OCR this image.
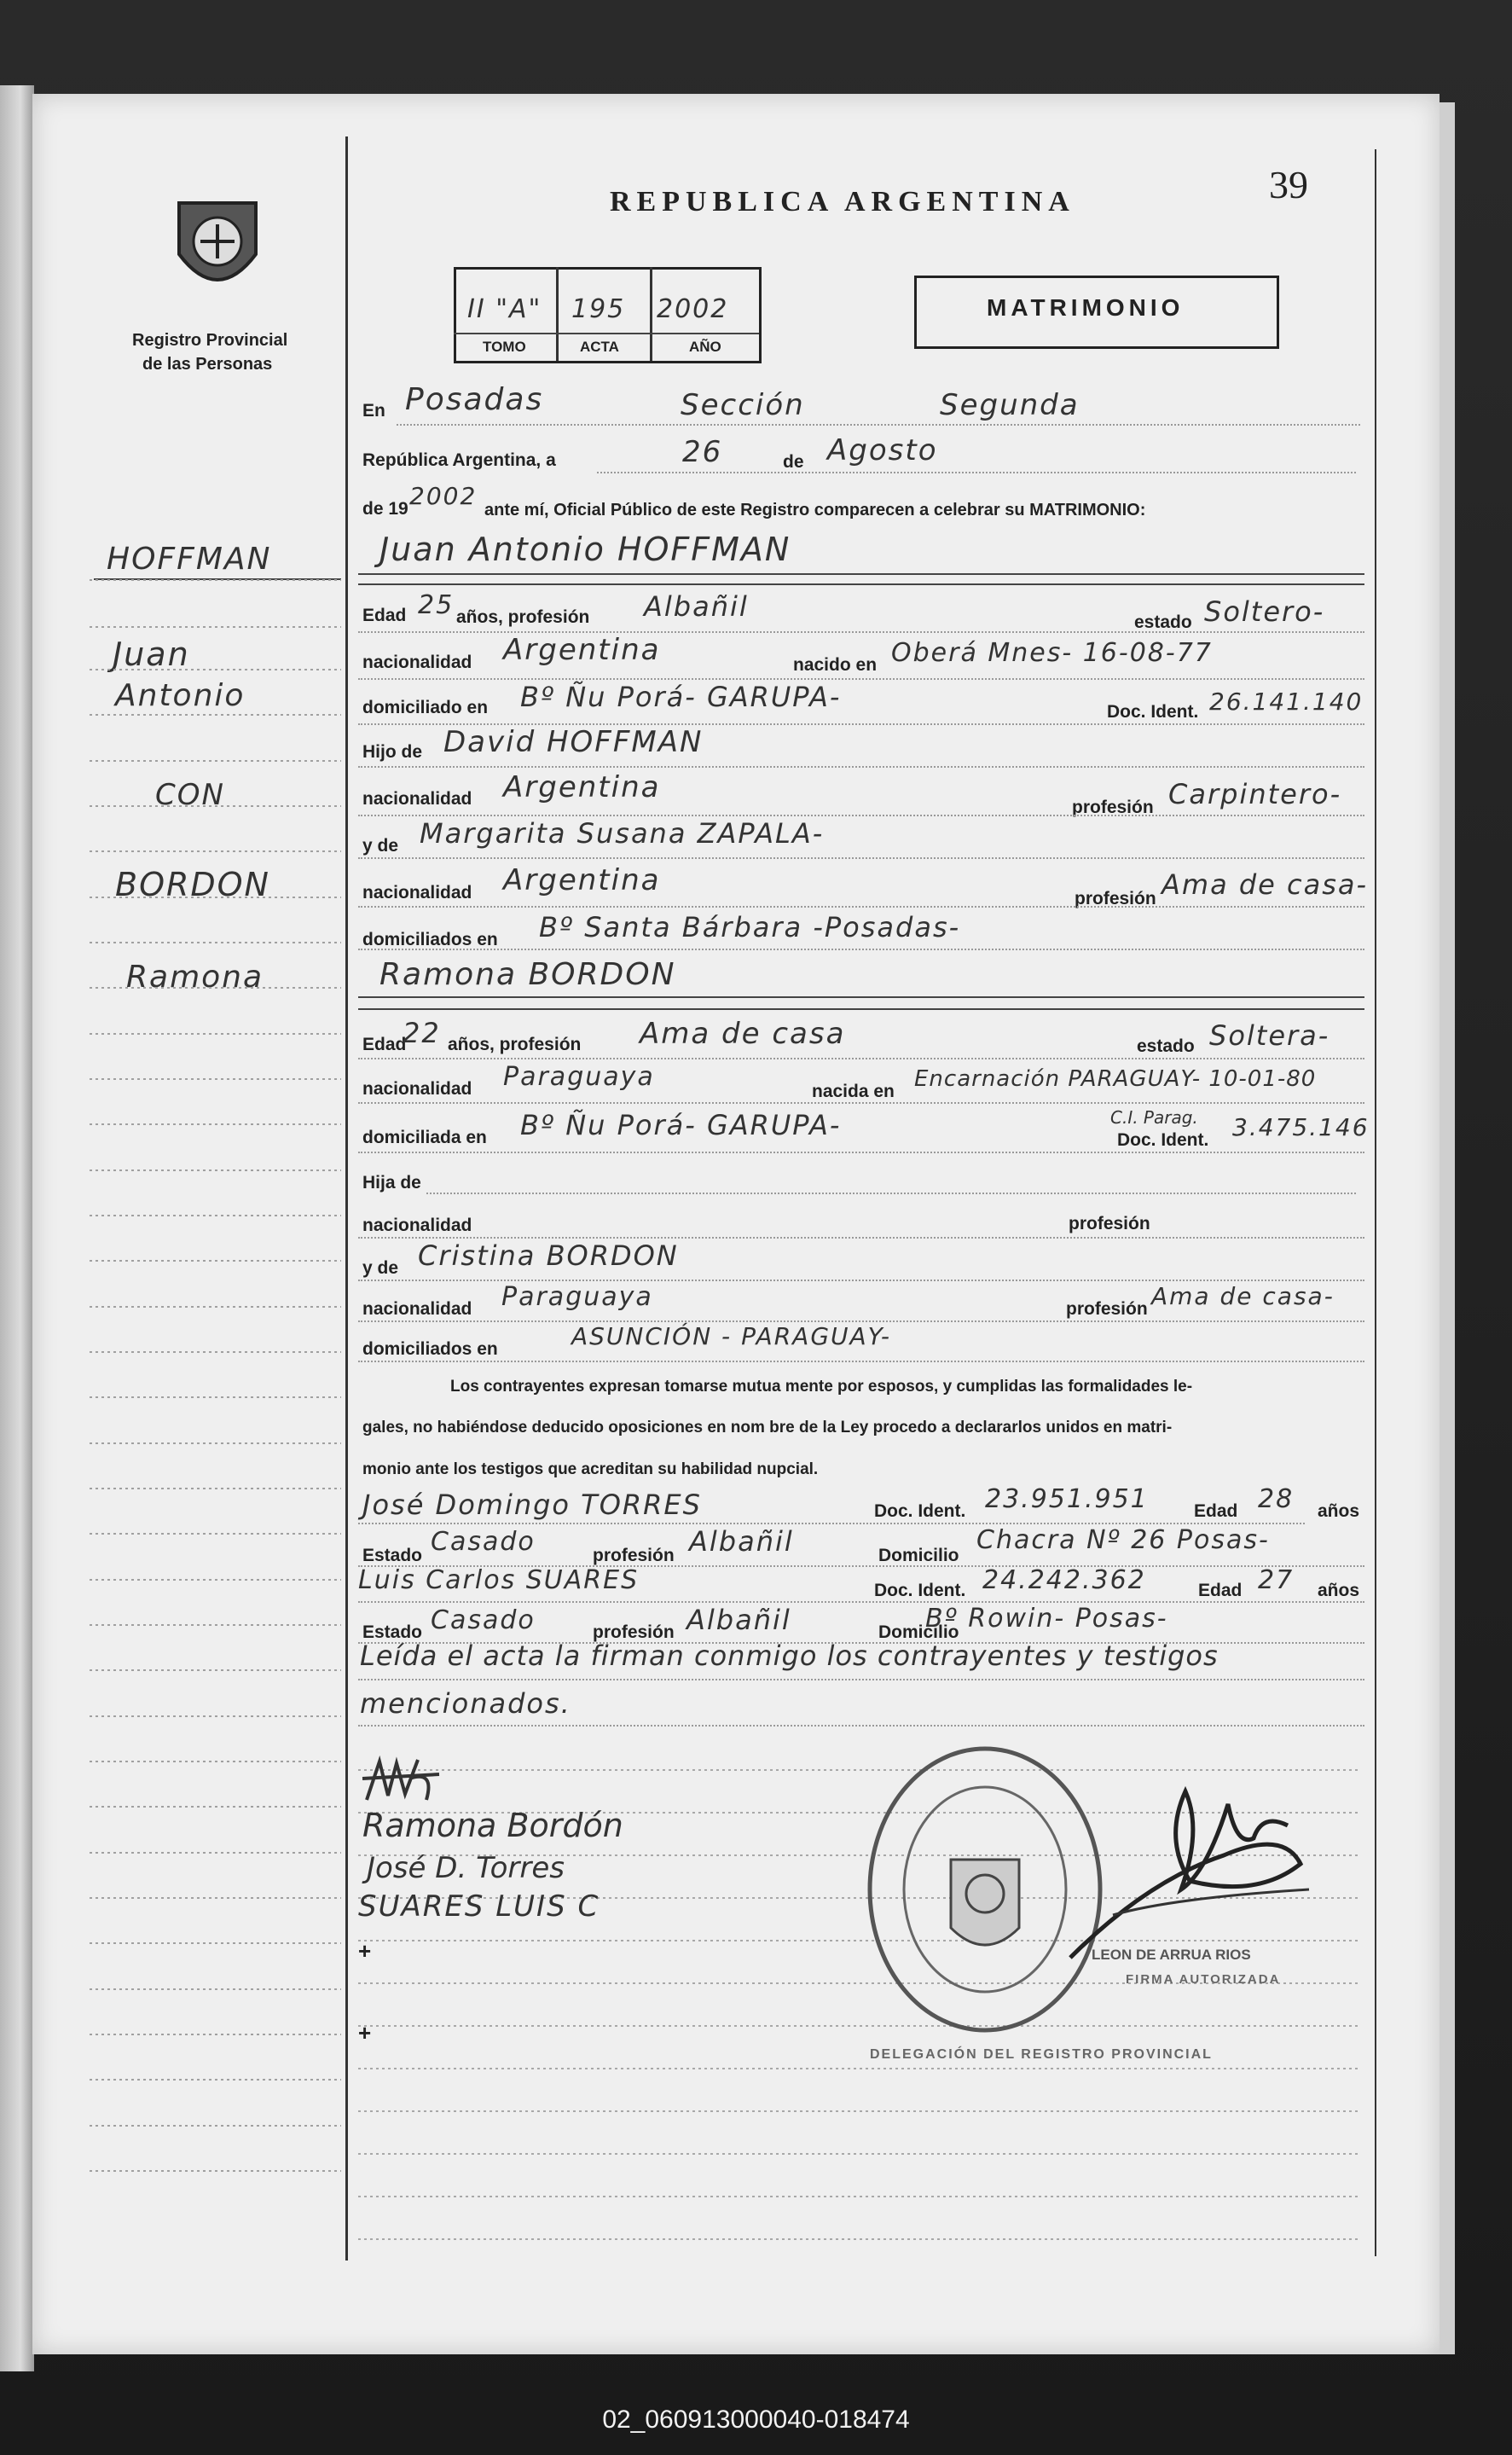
Registro Provincial
de las Personas
REPUBLICA ARGENTINA	39
II "A" 195 2002
TOMO	ACTA	AÑO
MATRIMONIO
HOFFMAN
Juan
Antonio
CON
BORDON
Ramona
En Posadas	Sección	Segunda
República Argentina, a	26	de Agosto
de 19 2002 ante mí, Oficial Público de este Registro comparecen a celebrar su MATRIMONIO:
Juan Antonio HOFFMAN
Edad 25 años, profesión Albañil	estado Soltero-
nacionalidad Argentina	nacido en Oberá Mnes- 16-08-77
domiciliado en Bº Ñu Porá- GARUPA-	Doc. Ident. 26.141.140
Hijo de David HOFFMAN
nacionalidad Argentina
profesión Carpintero-
y de Margarita Susana ZAPALA-
nacionalidad Argentina
profesión Ama de casa-
domiciliados en Bº Santa Bárbara -Posadas-
Ramona BORDON
Edad
22 años, profesión Ama de casa	estado Soltera-
nacionalidad Paraguaya	nacida en Encarnación PARAGUAY- 10-01-80
domiciliada en Bº Ñu Porá- GARUPA-	C.I. Parag.
Doc. Ident. 3.475.146
Hija de
nacionalidad	profesión
y de Cristina BORDON
nacionalidad Paraguaya	profesión Ama de casa-
domiciliados en	ASUNCIÓN - PARAGUAY-
Los contrayentes expresan tomarse mutua mente por esposos, y cumplidas las formalidades le-
gales, no habiéndose deducido oposiciones en nom bre de la Ley procedo a declararlos unidos en matri-
monio ante los testigos que acreditan su habilidad nupcial.
José Domingo TORRES	Doc. Ident. 23.951.951	Edad 28 años
Estado Casado	profesión Albañil	Domicilio
Chacra Nº 26 Posas-
Luis Carlos SUARES	Doc. Ident. 24.242.362	Edad 27 años
Estado Casado	profesión Albañil	Domicilio
Bº Rowin- Posas-
Leída el acta la firman conmigo los contrayentes y testigos
mencionados.
Ramona Bordón
José D. Torres
SUARES LUIS C
+
+
DELEGACIÓN DEL REGISTRO PROVINCIAL
LEON DE ARRUA RIOS
FIRMA AUTORIZADA
02_060913000040-018474
